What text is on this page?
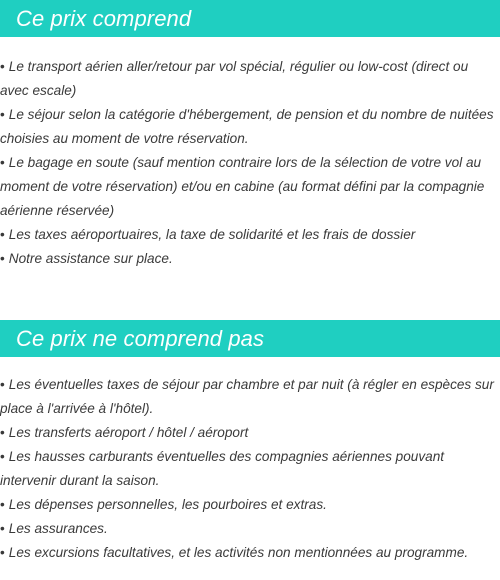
Ce prix comprend
• Le transport aérien aller/retour par vol spécial, régulier ou low-cost (direct ou avec escale)
• Le séjour selon la catégorie d'hébergement, de pension et du nombre de nuitées choisies au moment de votre réservation.
• Le bagage en soute (sauf mention contraire lors de la sélection de votre vol au moment de votre réservation) et/ou en cabine (au format défini par la compagnie aérienne réservée)
• Les taxes aéroportuaires, la taxe de solidarité et les frais de dossier
• Notre assistance sur place.
Ce prix ne comprend pas
• Les éventuelles taxes de séjour par chambre et par nuit (à régler en espèces sur place à l'arrivée à l'hôtel).
• Les transferts aéroport / hôtel / aéroport
• Les hausses carburants éventuelles des compagnies aériennes pouvant intervenir durant la saison.
• Les dépenses personnelles, les pourboires et extras.
• Les assurances.
• Les excursions facultatives, et les activités non mentionnées au programme.
